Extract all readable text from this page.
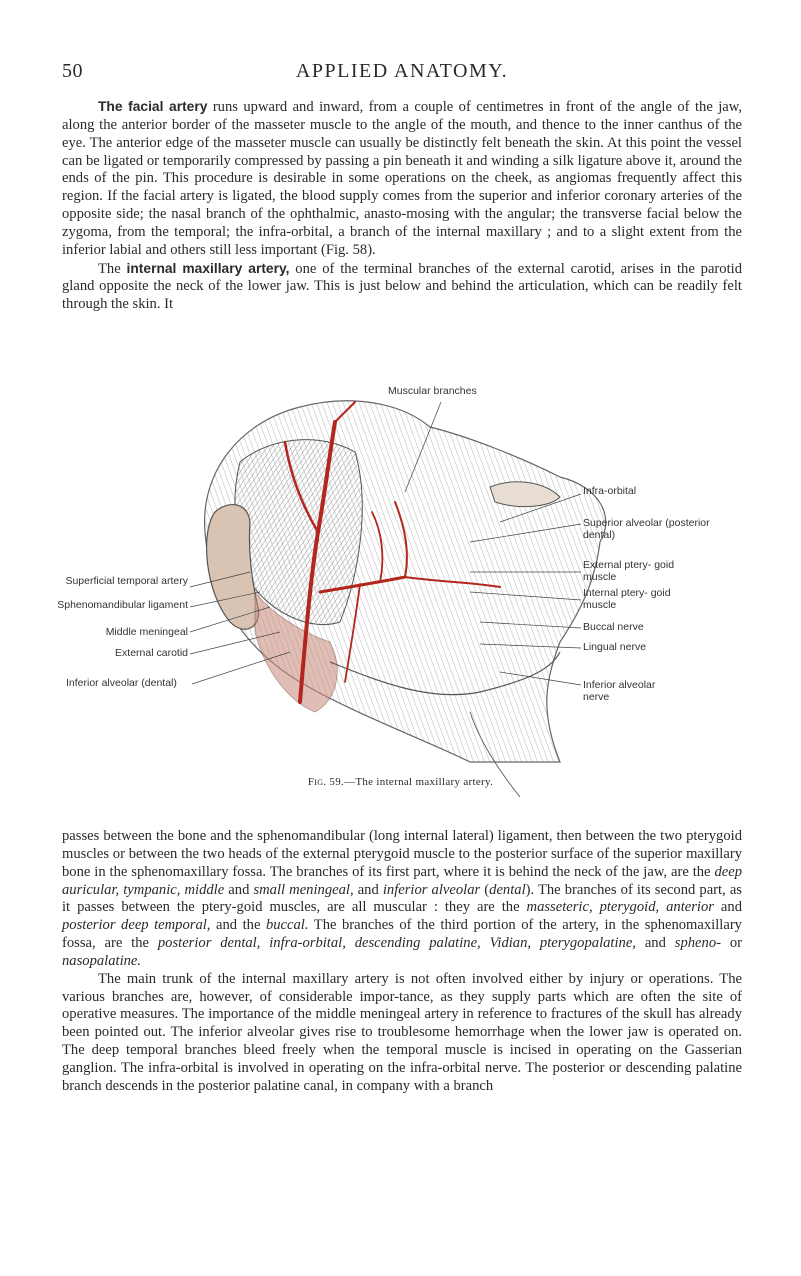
50	APPLIED ANATOMY.

The facial artery runs upward and inward, from a couple of centimetres in front of the angle of the jaw, along the anterior border of the masseter muscle to the angle of the mouth, and thence to the inner canthus of the eye. The anterior edge of the masseter muscle can usually be distinctly felt beneath the skin. At this point the vessel can be ligated or temporarily compressed by passing a pin beneath it and winding a silk ligature above it, around the ends of the pin. This procedure is desirable in some operations on the cheek, as angiomas frequently affect this region. If the facial artery is ligated, the blood supply comes from the superior and inferior coronary arteries of the opposite side; the nasal branch of the ophthalmic, anasto-mosing with the angular; the transverse facial below the zygoma, from the temporal; the infra-orbital, a branch of the internal maxillary ; and to a slight extent from the inferior labial and others still less important (Fig. 58).

The internal maxillary artery, one of the terminal branches of the external carotid, arises in the parotid gland opposite the neck of the lower jaw. This is just below and behind the articulation, which can be readily felt through the skin. It

Muscular branches
Infra-orbital
Superior alveolar (posterior dental)
External ptery- goid muscle
Internal ptery- goid muscle
Buccal nerve
Lingual nerve
Inferior alveolar nerve
Superficial temporal artery
Sphenomandibular ligament
Middle meningeal
External carotid
Inferior alveolar (dental)
Fig. 59.—The internal maxillary artery.

passes between the bone and the sphenomandibular (long internal lateral) ligament, then between the two pterygoid muscles or between the two heads of the external pterygoid muscle to the posterior surface of the superior maxillary bone in the sphenomaxillary fossa. The branches of its first part, where it is behind the neck of the jaw, are the deep auricular, tympanic, middle and small meningeal, and inferior alveolar (dental). The branches of its second part, as it passes between the ptery-goid muscles, are all muscular : they are the masseteric, pterygoid, anterior and posterior deep temporal, and the buccal. The branches of the third portion of the artery, in the sphenomaxillary fossa, are the posterior dental, infra-orbital, descending palatine, Vidian, pterygopalatine, and spheno- or nasopalatine.

The main trunk of the internal maxillary artery is not often involved either by injury or operations. The various branches are, however, of considerable impor-tance, as they supply parts which are often the site of operative measures. The importance of the middle meningeal artery in reference to fractures of the skull has already been pointed out. The inferior alveolar gives rise to troublesome hemorrhage when the lower jaw is operated on. The deep temporal branches bleed freely when the temporal muscle is incised in operating on the Gasserian ganglion. The infra-orbital is involved in operating on the infra-orbital nerve. The posterior or descending palatine branch descends in the posterior palatine canal, in company with a branch
